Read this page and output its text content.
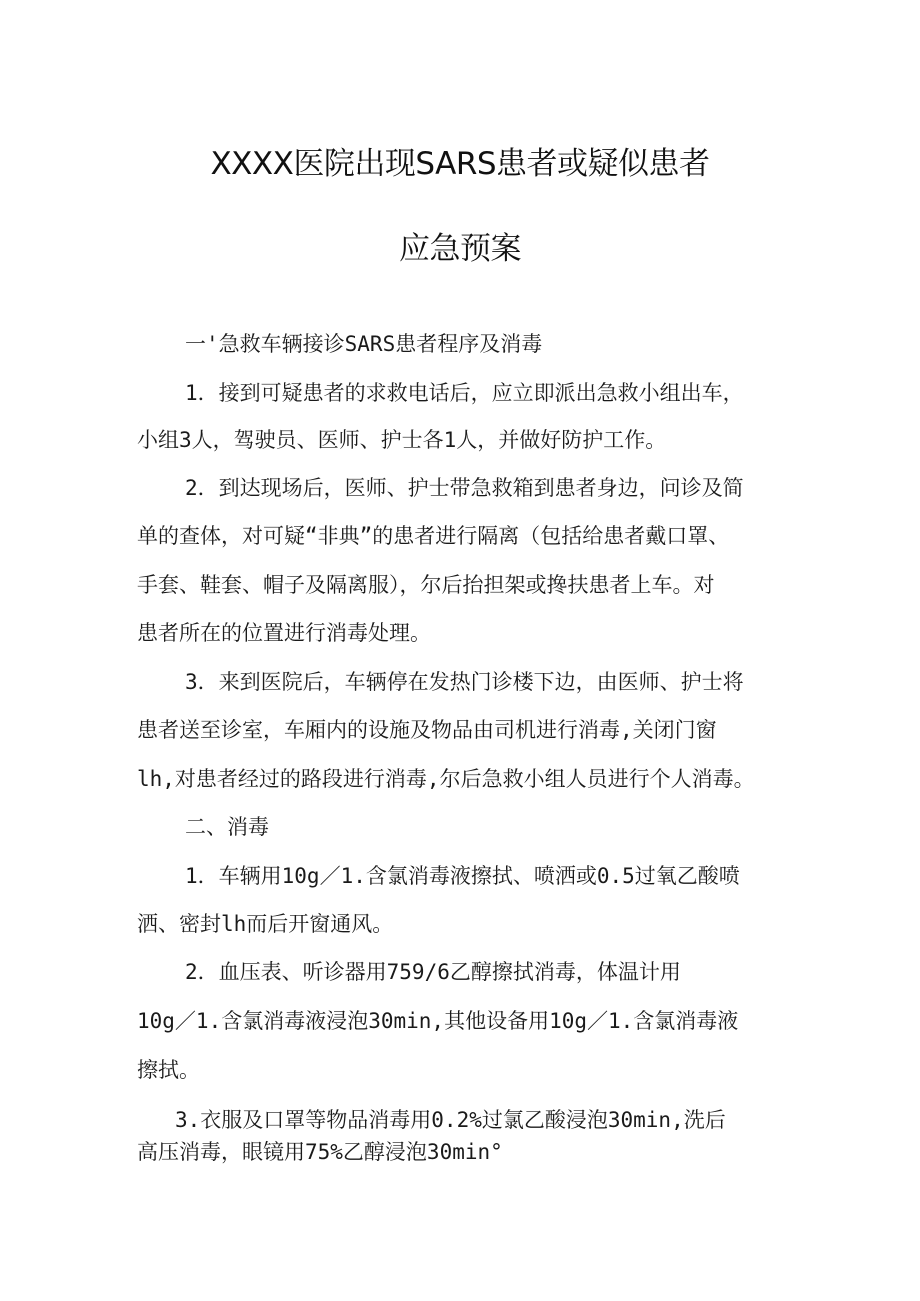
XXXX医院出现SARS患者或疑似患者
应急预案
一'急救车辆接诊SARS患者程序及消毒
1．接到可疑患者的求救电话后，应立即派出急救小组出车，
小组3人，驾驶员、医师、护士各1人，并做好防护工作。
2．到达现场后，医师、护士带急救箱到患者身边，问诊及简
单的查体，对可疑“非典”的患者进行隔离（包括给患者戴口罩、
手套、鞋套、帽子及隔离服），尔后抬担架或搀扶患者上车。对
患者所在的位置进行消毒处理。
3．来到医院后，车辆停在发热门诊楼下边，由医师、护士将
患者送至诊室，车厢内的设施及物品由司机进行消毒,关闭门窗
lh,对患者经过的路段进行消毒,尔后急救小组人员进行个人消毒。
二、消毒
1．车辆用10g／1.含氯消毒液擦拭、喷洒或0.5过氧乙酸喷
洒、密封lh而后开窗通风。
2．血压表、听诊器用759/6乙醇擦拭消毒，体温计用
10g／1.含氯消毒液浸泡30min,其他设备用10g／1.含氯消毒液
擦拭。
3.衣服及口罩等物品消毒用0.2%过氯乙酸浸泡30min,洗后
高压消毒，眼镜用75%乙醇浸泡30min°
